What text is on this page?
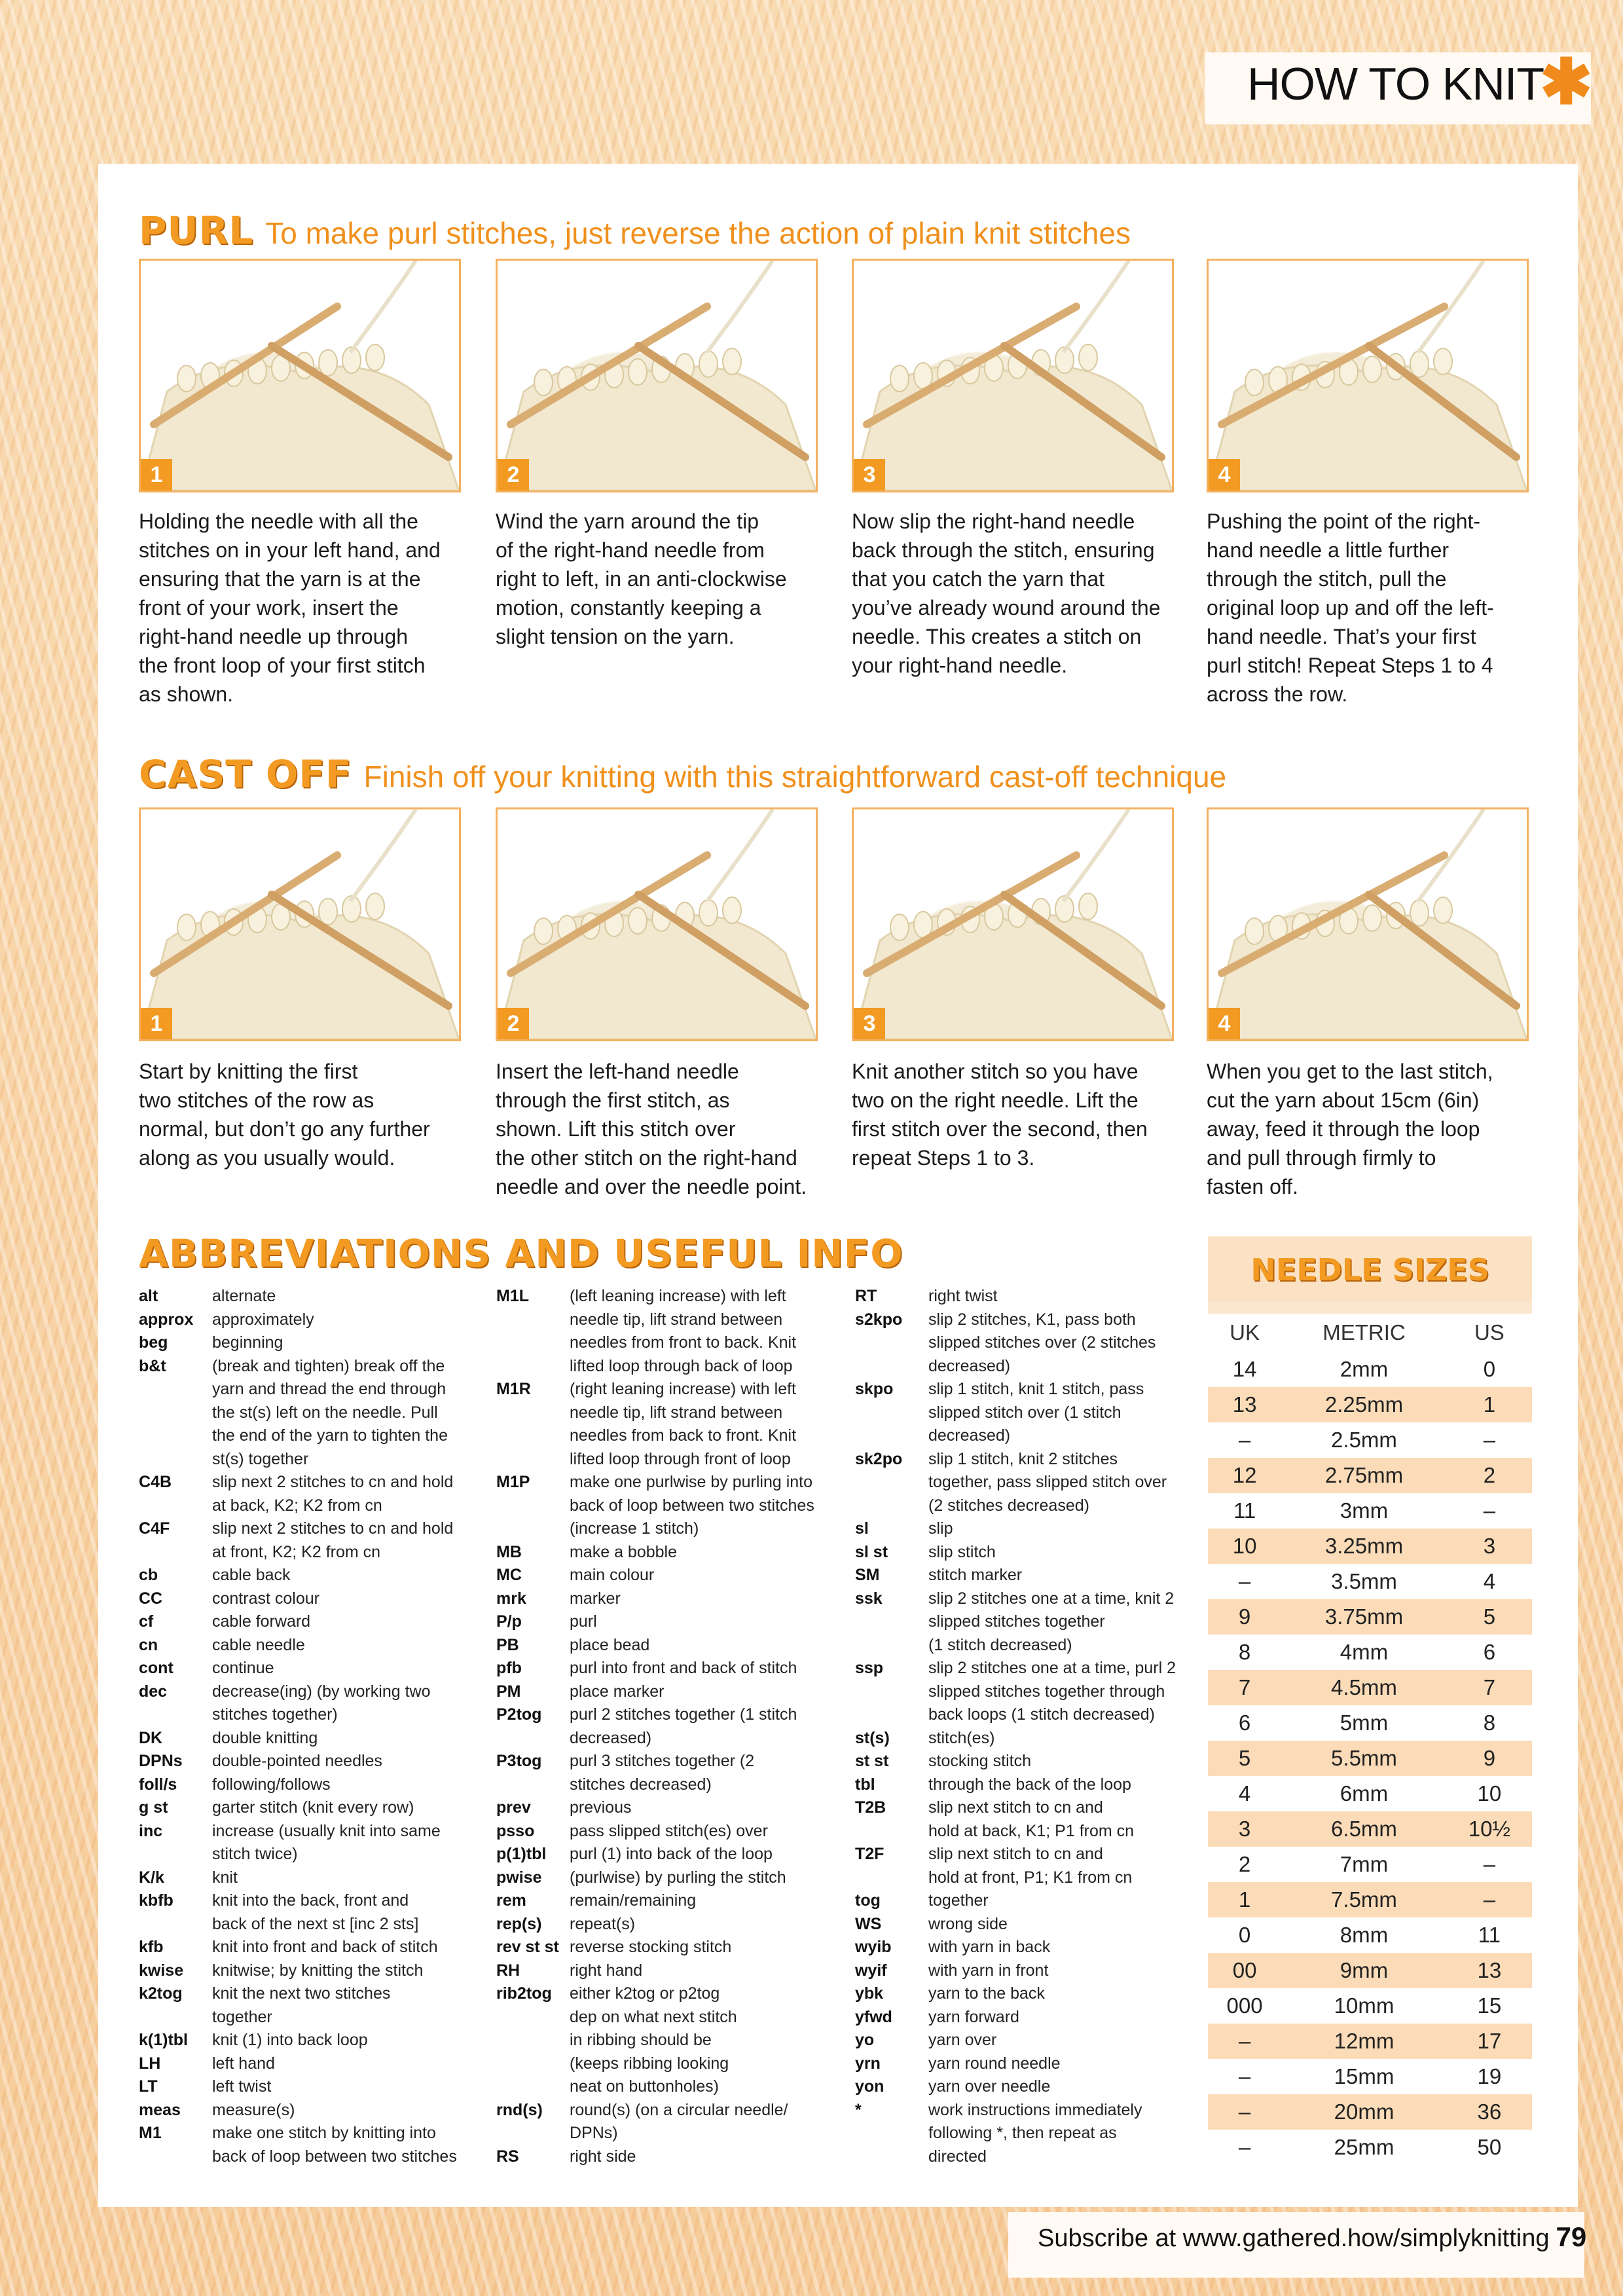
HOW TO KNIT
✱
PURL To make purl stitches, just reverse the action of plain knit stitches
1
Holding the needle with all the
stitches on in your left hand, and
ensuring that the yarn is at the
front of your work, insert the
right-hand needle up through
the front loop of your first stitch
as shown.
2
Wind the yarn around the tip
of the right-hand needle from
right to left, in an anti-clockwise
motion, constantly keeping a
slight tension on the yarn.
3
Now slip the right-hand needle
back through the stitch, ensuring
that you catch the yarn that
you’ve already wound around the
needle. This creates a stitch on
your right-hand needle.
4
Pushing the point of the right-
hand needle a little further
through the stitch, pull the
original loop up and off the left-
hand needle. That’s your first
purl stitch! Repeat Steps 1 to 4
across the row.
CAST OFF Finish off your knitting with this straightforward cast-off technique
1
Start by knitting the first
two stitches of the row as
normal, but don’t go any further
along as you usually would.
2
Insert the left-hand needle
through the first stitch, as
shown. Lift this stitch over
the other stitch on the right-hand
needle and over the needle point.
3
Knit another stitch so you have
two on the right needle. Lift the
first stitch over the second, then
repeat Steps 1 to 3.
4
When you get to the last stitch,
cut the yarn about 15cm (6in)
away, feed it through the loop
and pull through firmly to
fasten off.
ABBREVIATIONS AND USEFUL INFO
alt	alternate
approx	approximately
beg	beginning
b&t	(break and tighten) break off the
yarn and thread the end through
the st(s) left on the needle. Pull
the end of the yarn to tighten the
st(s) together
C4B	slip next 2 stitches to cn and hold
at back, K2; K2 from cn
C4F	slip next 2 stitches to cn and hold
at front, K2; K2 from cn
cb	cable back
CC	contrast colour
cf	cable forward
cn	cable needle
cont	continue
dec	decrease(ing) (by working two
stitches together)
DK	double knitting
DPNs	double-pointed needles
foll/s	following/follows
g st	garter stitch (knit every row)
inc	increase (usually knit into same
stitch twice)
K/k	knit
kbfb	knit into the back, front and
back of the next st [inc 2 sts]
kfb	knit into front and back of stitch
kwise	knitwise; by knitting the stitch
k2tog	knit the next two stitches
together
k(1)tbl	knit (1) into back loop
LH	left hand
LT	left twist
meas	measure(s)
M1	make one stitch by knitting into
back of loop between two stitches
M1L	(left leaning increase) with left
needle tip, lift strand between
needles from front to back. Knit
lifted loop through back of loop
M1R	(right leaning increase) with left
needle tip, lift strand between
needles from back to front. Knit
lifted loop through front of loop
M1P	make one purlwise by purling into
back of loop between two stitches
(increase 1 stitch)
MB	make a bobble
MC	main colour
mrk	marker
P/p	purl
PB	place bead
pfb	purl into front and back of stitch
PM	place marker
P2tog	purl 2 stitches together (1 stitch
decreased)
P3tog	purl 3 stitches together (2
stitches decreased)
prev	previous
psso	pass slipped stitch(es) over
p(1)tbl	purl (1) into back of the loop
pwise	(purlwise) by purling the stitch
rem	remain/remaining
rep(s)	repeat(s)
rev st st reverse stocking stitch
RH	right hand
rib2tog	either k2tog or p2tog
dep on what next stitch
in ribbing should be
(keeps ribbing looking
neat on buttonholes)
rnd(s)	round(s) (on a circular needle/
DPNs)
RS	right side
RT	right twist
s2kpo	slip 2 stitches, K1, pass both
slipped stitches over (2 stitches
decreased)
skpo	slip 1 stitch, knit 1 stitch, pass
slipped stitch over (1 stitch
decreased)
sk2po	slip 1 stitch, knit 2 stitches
together, pass slipped stitch over
(2 stitches decreased)
sl	slip
sl st	slip stitch
SM	stitch marker
ssk	slip 2 stitches one at a time, knit 2
slipped stitches together
(1 stitch decreased)
ssp	slip 2 stitches one at a time, purl 2
slipped stitches together through
back loops (1 stitch decreased)
st(s)	stitch(es)
st st	stocking stitch
tbl	through the back of the loop
T2B	slip next stitch to cn and
hold at back, K1; P1 from cn
T2F	slip next stitch to cn and
hold at front, P1; K1 from cn
tog	together
WS	wrong side
wyib	with yarn in back
wyif	with yarn in front
ybk	yarn to the back
yfwd	yarn forward
yo	yarn over
yrn	yarn round needle
yon	yarn over needle
*	work instructions immediately
following *, then repeat as
directed
NEEDLE SIZES
UK	METRIC	US
14	2mm	0
13	2.25mm	1
–	2.5mm	–
12	2.75mm	2
11	3mm	–
10	3.25mm	3
–	3.5mm	4
9	3.75mm	5
8	4mm	6
7	4.5mm	7
6	5mm	8
5	5.5mm	9
4	6mm	10
3	6.5mm	10½
2	7mm	–
1	7.5mm	–
0	8mm	11
00	9mm	13
000	10mm	15
–	12mm	17
–	15mm	19
–	20mm	36
–	25mm	50
Subscribe at www.gathered.how/simplyknitting 79
